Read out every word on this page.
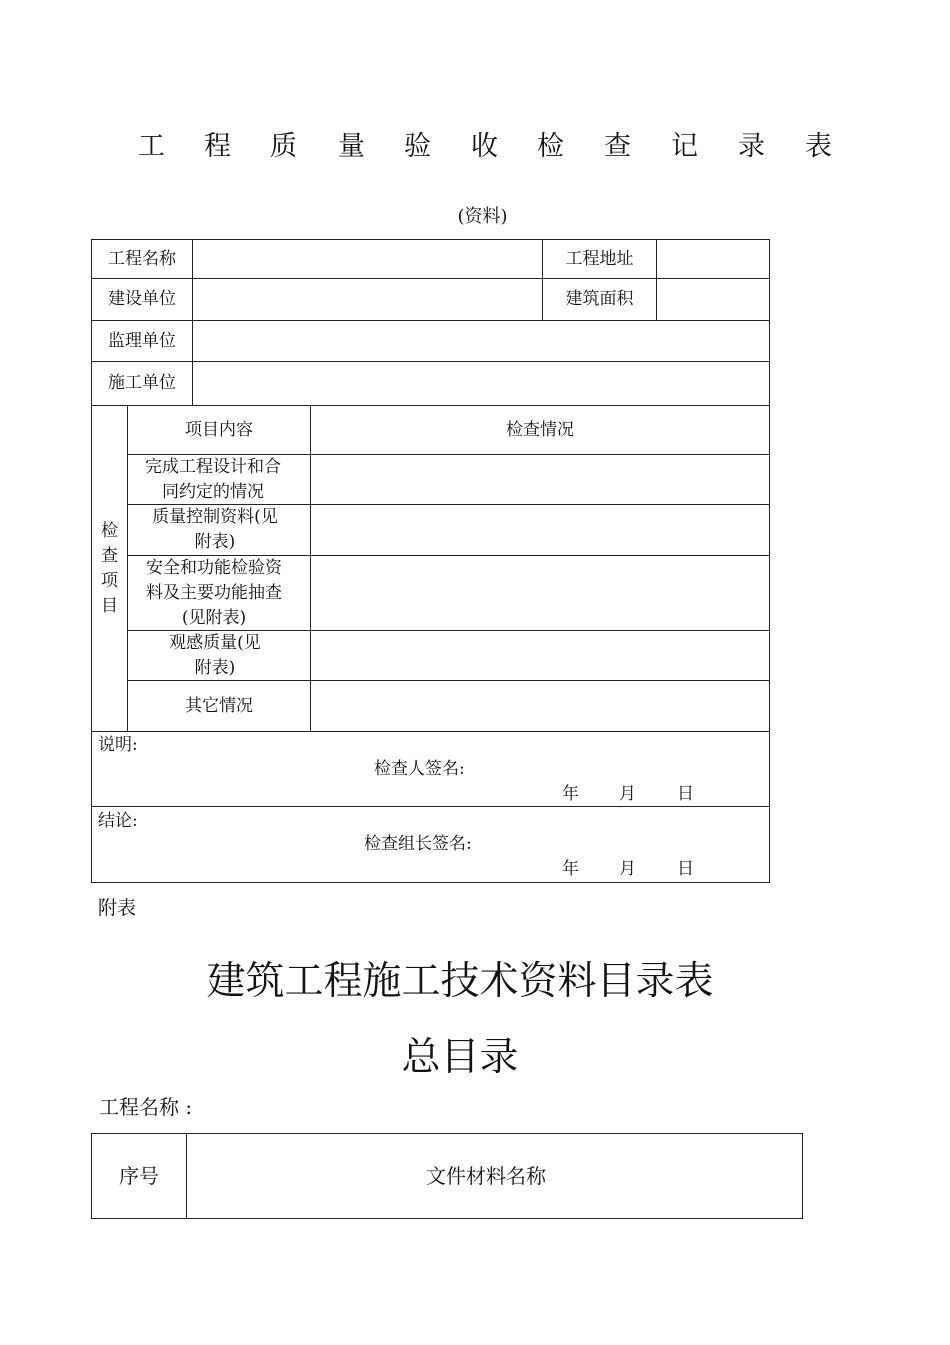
工 程 质 量 验 收 检 查 记 录 表
(资料)
工程名称	工程地址
建设单位	建筑面积
监理单位
施工单位
检查项目
项目内容	检查情况
完成工程设计和合同约定的情况
质量控制资料(见附表)
安全和功能检验资料及主要功能抽查(见附表)
观感质量(见附表)
其它情况
说明:
检查人签名:
年 月 日
结论:
检查组长签名:
年 月 日
附表
建筑工程施工技术资料目录表
总目录
工程名称 :
序号	文件材料名称
